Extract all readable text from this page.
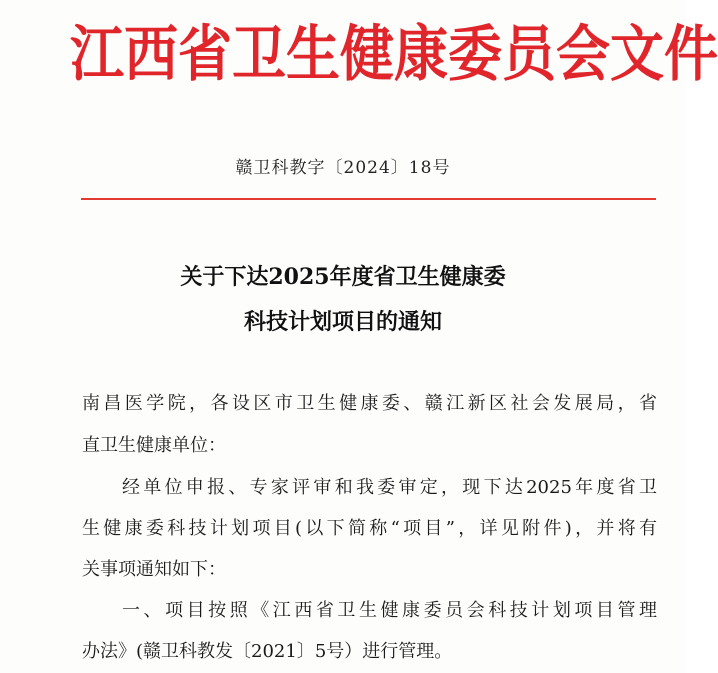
江 西 省 卫 生 健 康 委 员 会 文 件
赣卫科教字〔2024〕18号
关于下达2025年度省卫生健康委
科技计划项目的通知
南昌医学院，各设区市卫生健康委、赣江新区社会发展局，省
直卫生健康单位：
经单位申报、专家评审和我委审定，现下达2025年度省卫
生健康委科技计划项目(以下简称“项目”，详见附件)，并将有
关事项通知如下：
一、项目按照《江西省卫生健康委员会科技计划项目管理
办法》(赣卫科教发〔2021〕5号）进行管理。
